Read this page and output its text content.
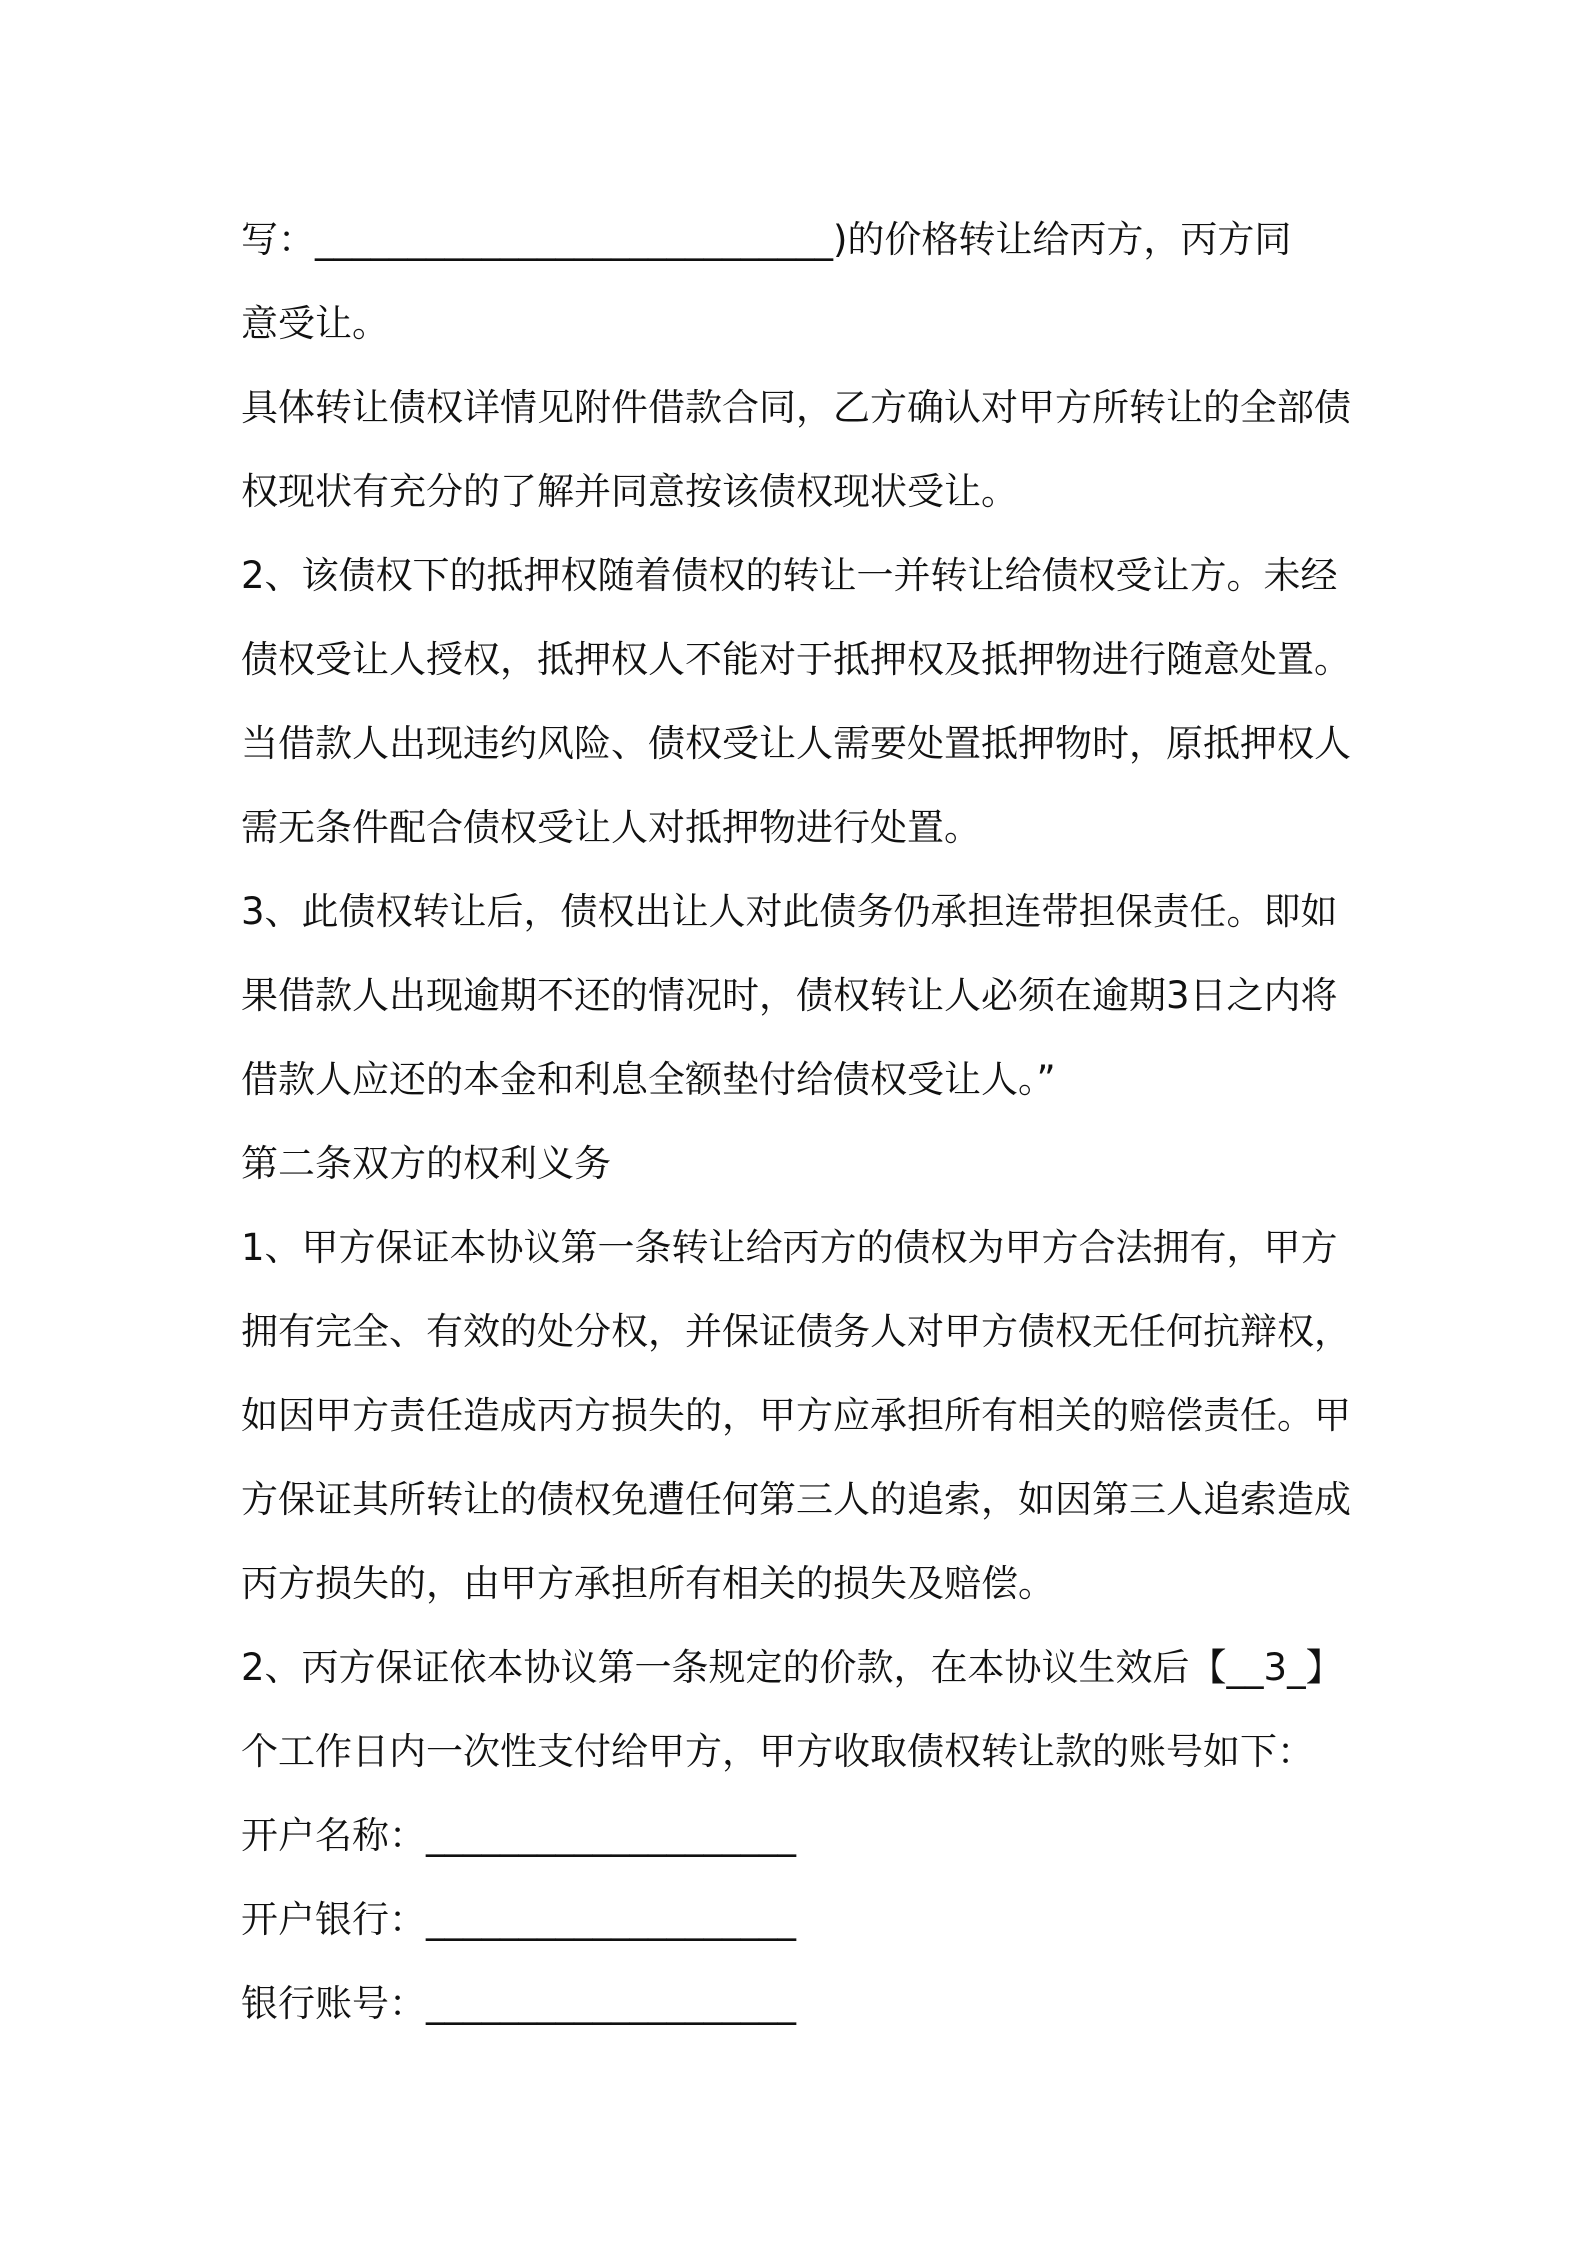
写：____________________________)的价格转让给丙方，丙方同
意受让。
具体转让债权详情见附件借款合同，乙方确认对甲方所转让的全部债
权现状有充分的了解并同意按该债权现状受让。
2、该债权下的抵押权随着债权的转让一并转让给债权受让方。未经
债权受让人授权，抵押权人不能对于抵押权及抵押物进行随意处置。
当借款人出现违约风险、债权受让人需要处置抵押物时，原抵押权人
需无条件配合债权受让人对抵押物进行处置。
3、此债权转让后，债权出让人对此债务仍承担连带担保责任。即如
果借款人出现逾期不还的情况时，债权转让人必须在逾期3日之内将
借款人应还的本金和利息全额垫付给债权受让人。”
第二条双方的权利义务
1、甲方保证本协议第一条转让给丙方的债权为甲方合法拥有，甲方
拥有完全、有效的处分权，并保证债务人对甲方债权无任何抗辩权，
如因甲方责任造成丙方损失的，甲方应承担所有相关的赔偿责任。甲
方保证其所转让的债权免遭任何第三人的追索，如因第三人追索造成
丙方损失的，由甲方承担所有相关的损失及赔偿。
2、丙方保证依本协议第一条规定的价款，在本协议生效后【__3_】
个工作日内一次性支付给甲方，甲方收取债权转让款的账号如下：
开户名称：____________________
开户银行：____________________
银行账号：____________________
